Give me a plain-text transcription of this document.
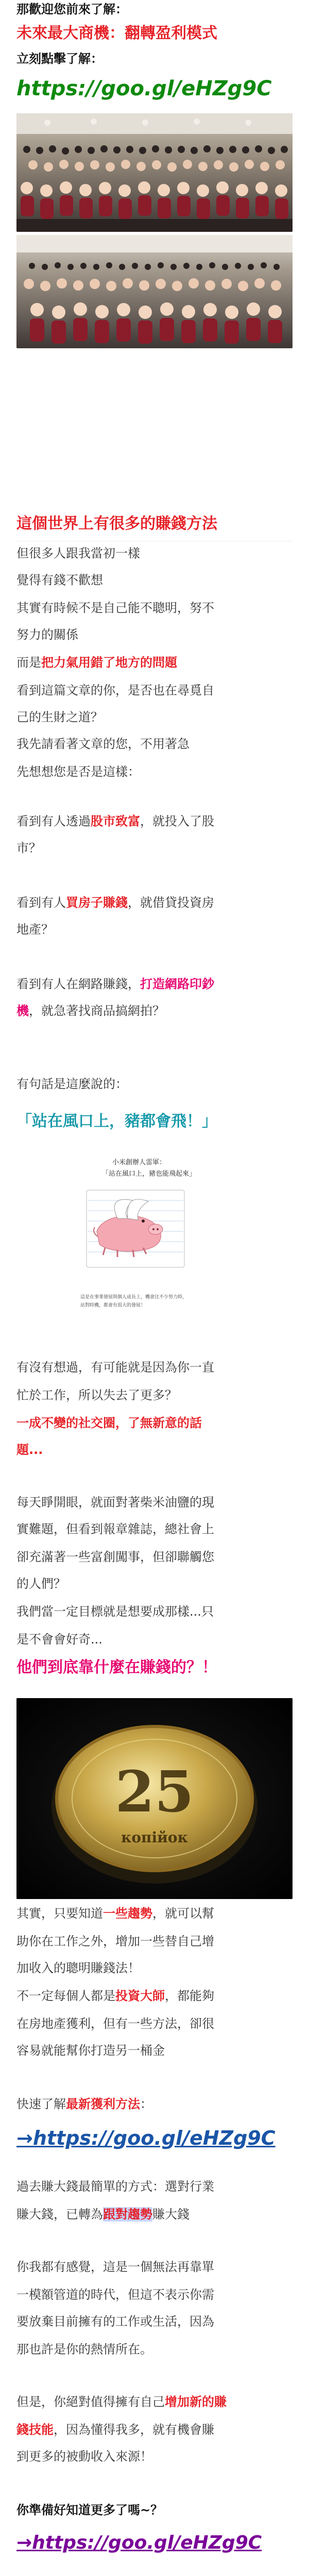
那歡迎您前來了解：
未來最大商機：翻轉盈利模式
立刻點擊了解：
https://goo.gl/eHZg9C
這個世界上有很多的賺錢方法
但很多人跟我當初一樣
覺得有錢不歡想
其實有時候不是自己能不聰明，努不
努力的關係
而是把力氣用錯了地方的問題
看到這篇文章的你，是否也在尋覓自
己的生財之道？
我先請看著文章的您，不用著急
先想想您是否是這樣：
看到有人透過股市致富，就投入了股
市？
看到有人買房子賺錢，就借貸投資房
地產？
看到有人在網路賺錢，打造網路印鈔
機，就急著找商品搞網拍？
有句話是這麼說的：
「站在風口上，豬都會飛！」
小米創辦人雷軍：
「站在風口上，豬也能飛起來」
這是在事業發展與個人成長上，機會比不少努力時，
站對時機，都會有很大的發展！
有沒有想過，有可能就是因為你一直
忙於工作，所以失去了更多？
一成不變的社交圈，了無新意的話
題...
每天睜開眼，就面對著柴米油鹽的現
實難題，但看到報章雜誌，總社會上
卻充滿著一些富創闖事，但卻聯觸您
的人們？
我們當一定目標就是想要成那樣...只
是不會會好奇...
他們到底靠什麼在賺錢的？！
25
копійок
其實，只要知道一些趨勢，就可以幫
助你在工作之外，增加一些替自己增
加收入的聰明賺錢法！
不一定每個人都是投資大師，都能夠
在房地產獲利，但有一些方法，卻很
容易就能幫你打造另一桶金
快速了解最新獲利方法：
→https://goo.gl/eHZg9C
過去賺大錢最簡單的方式：選對行業
賺大錢，已轉為跟對趨勢賺大錢
你我都有感覺，這是一個無法再靠單
一模額管道的時代，但這不表示你需
要放棄目前擁有的工作或生活，因為
那也許是你的熱情所在。
但是，你絕對值得擁有自己增加新的賺
錢技能，因為懂得我多，就有機會賺
到更多的被動收入來源！
你準備好知道更多了嗎~？
→https://goo.gl/eHZg9C
